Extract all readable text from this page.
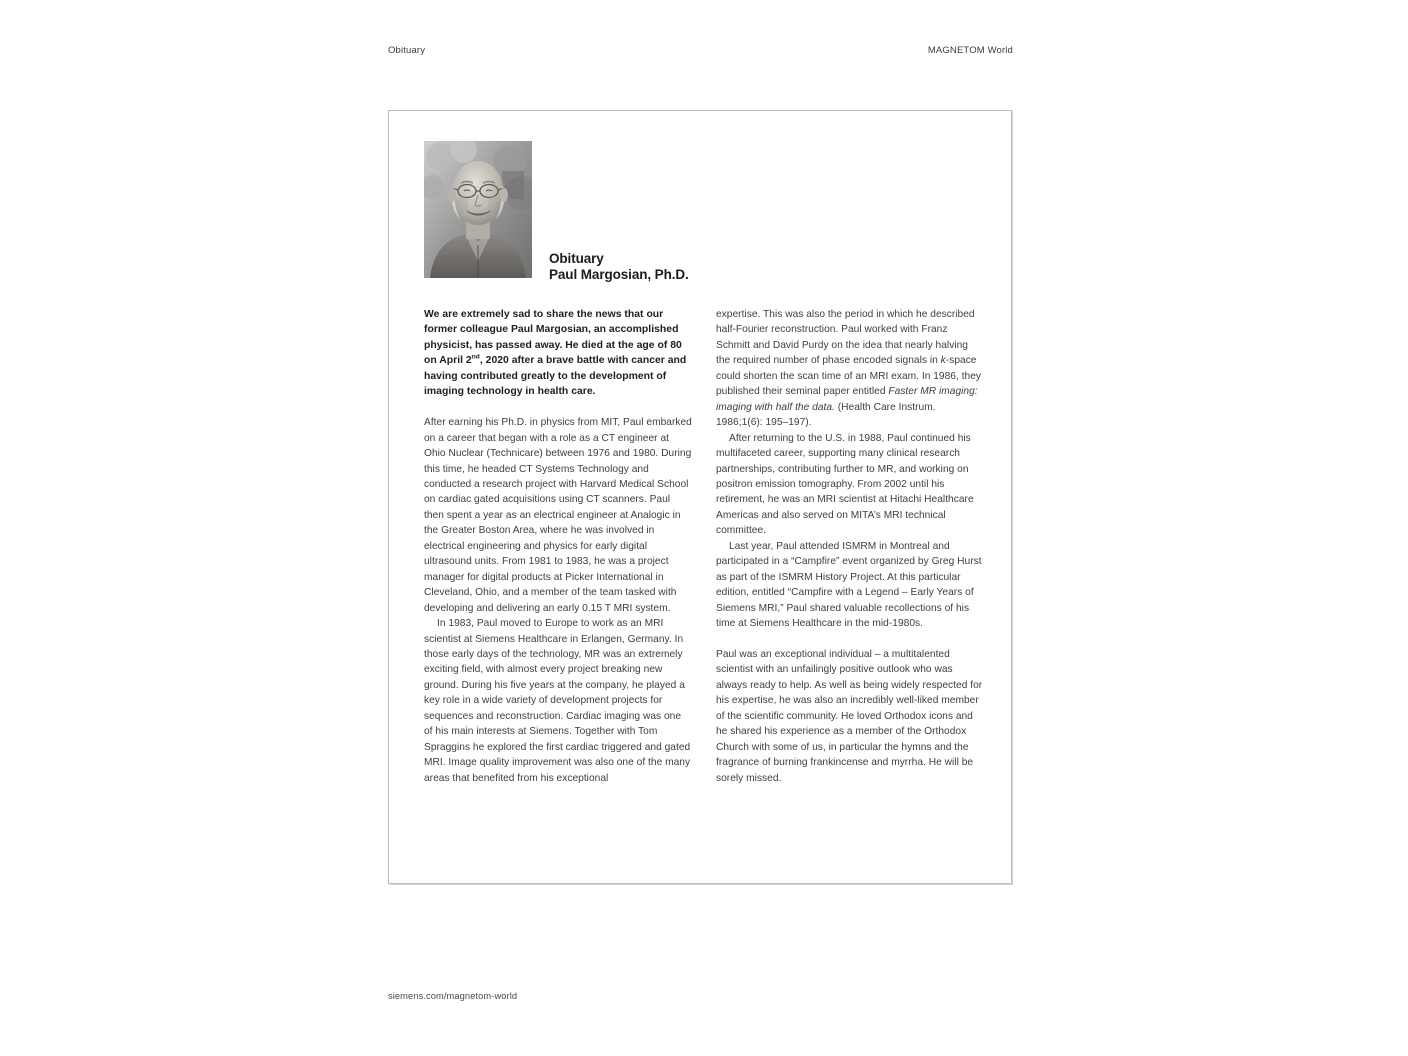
Obituary	MAGNETOM World
Obituary
Paul Margosian, Ph.D.

We are extremely sad to share the news that our former colleague Paul Margosian, an accomplished physicist, has passed away. He died at the age of 80 on April 2nd, 2020 after a brave battle with cancer and having contributed greatly to the development of imaging technology in health care.

After earning his Ph.D. in physics from MIT, Paul embarked on a career that began with a role as a CT engineer at Ohio Nuclear (Technicare) between 1976 and 1980. During this time, he headed CT Systems Technology and conducted a research project with Harvard Medical School on cardiac gated acquisitions using CT scanners. Paul then spent a year as an electrical engineer at Analogic in the Greater Boston Area, where he was involved in electrical engineering and physics for early digital ultrasound units. From 1981 to 1983, he was a project manager for digital products at Picker International in Cleveland, Ohio, and a member of the team tasked with developing and delivering an early 0.15 T MRI system.

In 1983, Paul moved to Europe to work as an MRI scientist at Siemens Healthcare in Erlangen, Germany. In those early days of the technology, MR was an extremely exciting field, with almost every project breaking new ground. During his five years at the company, he played a key role in a wide variety of development projects for sequences and reconstruction. Cardiac imaging was one of his main interests at Siemens. Together with Tom Spraggins he explored the first cardiac triggered and gated MRI. Image quality improvement was also one of the many areas that benefited from his exceptional

expertise. This was also the period in which he described half-Fourier reconstruction. Paul worked with Franz Schmitt and David Purdy on the idea that nearly halving the required number of phase encoded signals in k-space could shorten the scan time of an MRI exam. In 1986, they published their seminal paper entitled Faster MR imaging: imaging with half the data. (Health Care Instrum. 1986;1(6): 195–197).

After returning to the U.S. in 1988, Paul continued his multifaceted career, supporting many clinical research partnerships, contributing further to MR, and working on positron emission tomography. From 2002 until his retirement, he was an MRI scientist at Hitachi Healthcare Americas and also served on MITA’s MRI technical committee.

Last year, Paul attended ISMRM in Montreal and participated in a “Campfire” event organized by Greg Hurst as part of the ISMRM History Project. At this particular edition, entitled “Campfire with a Legend – Early Years of Siemens MRI,” Paul shared valuable recollections of his time at Siemens Healthcare in the mid-1980s.

Paul was an exceptional individual – a multitalented scientist with an unfailingly positive outlook who was always ready to help. As well as being widely respected for his expertise, he was also an incredibly well-liked member of the scientific community. He loved Orthodox icons and he shared his experience as a member of the Orthodox Church with some of us, in particular the hymns and the fragrance of burning frankincense and myrrha. He will be sorely missed.

siemens.com/magnetom-world
